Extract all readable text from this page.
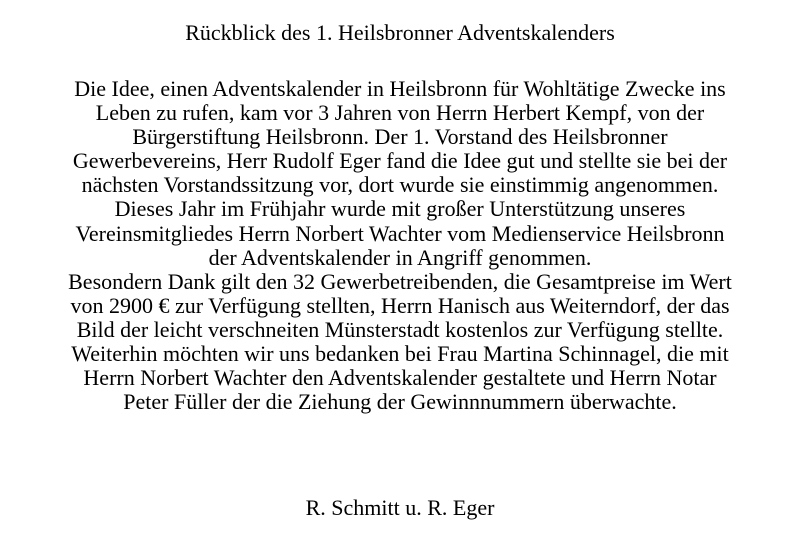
Rückblick des 1. Heilsbronner Adventskalenders
Die Idee, einen Adventskalender in Heilsbronn für Wohltätige Zwecke ins
Leben zu rufen, kam vor 3 Jahren von Herrn Herbert Kempf, von der
Bürgerstiftung Heilsbronn. Der 1. Vorstand des Heilsbronner
Gewerbevereins, Herr Rudolf Eger fand die Idee gut und stellte sie bei der
nächsten Vorstandssitzung vor, dort wurde sie einstimmig angenommen.
Dieses Jahr im Frühjahr wurde mit großer Unterstützung unseres
Vereinsmitgliedes Herrn Norbert Wachter vom Medienservice Heilsbronn
der Adventskalender in Angriff genommen.
Besondern Dank gilt den 32 Gewerbetreibenden, die Gesamtpreise im Wert
von 2900 € zur Verfügung stellten, Herrn Hanisch aus Weiterndorf, der das
Bild der leicht verschneiten Münsterstadt kostenlos zur Verfügung stellte.
Weiterhin möchten wir uns bedanken bei Frau Martina Schinnagel, die mit
Herrn Norbert Wachter den Adventskalender gestaltete und Herrn Notar
Peter Füller der die Ziehung der Gewinnnummern überwachte.
R. Schmitt u. R. Eger
